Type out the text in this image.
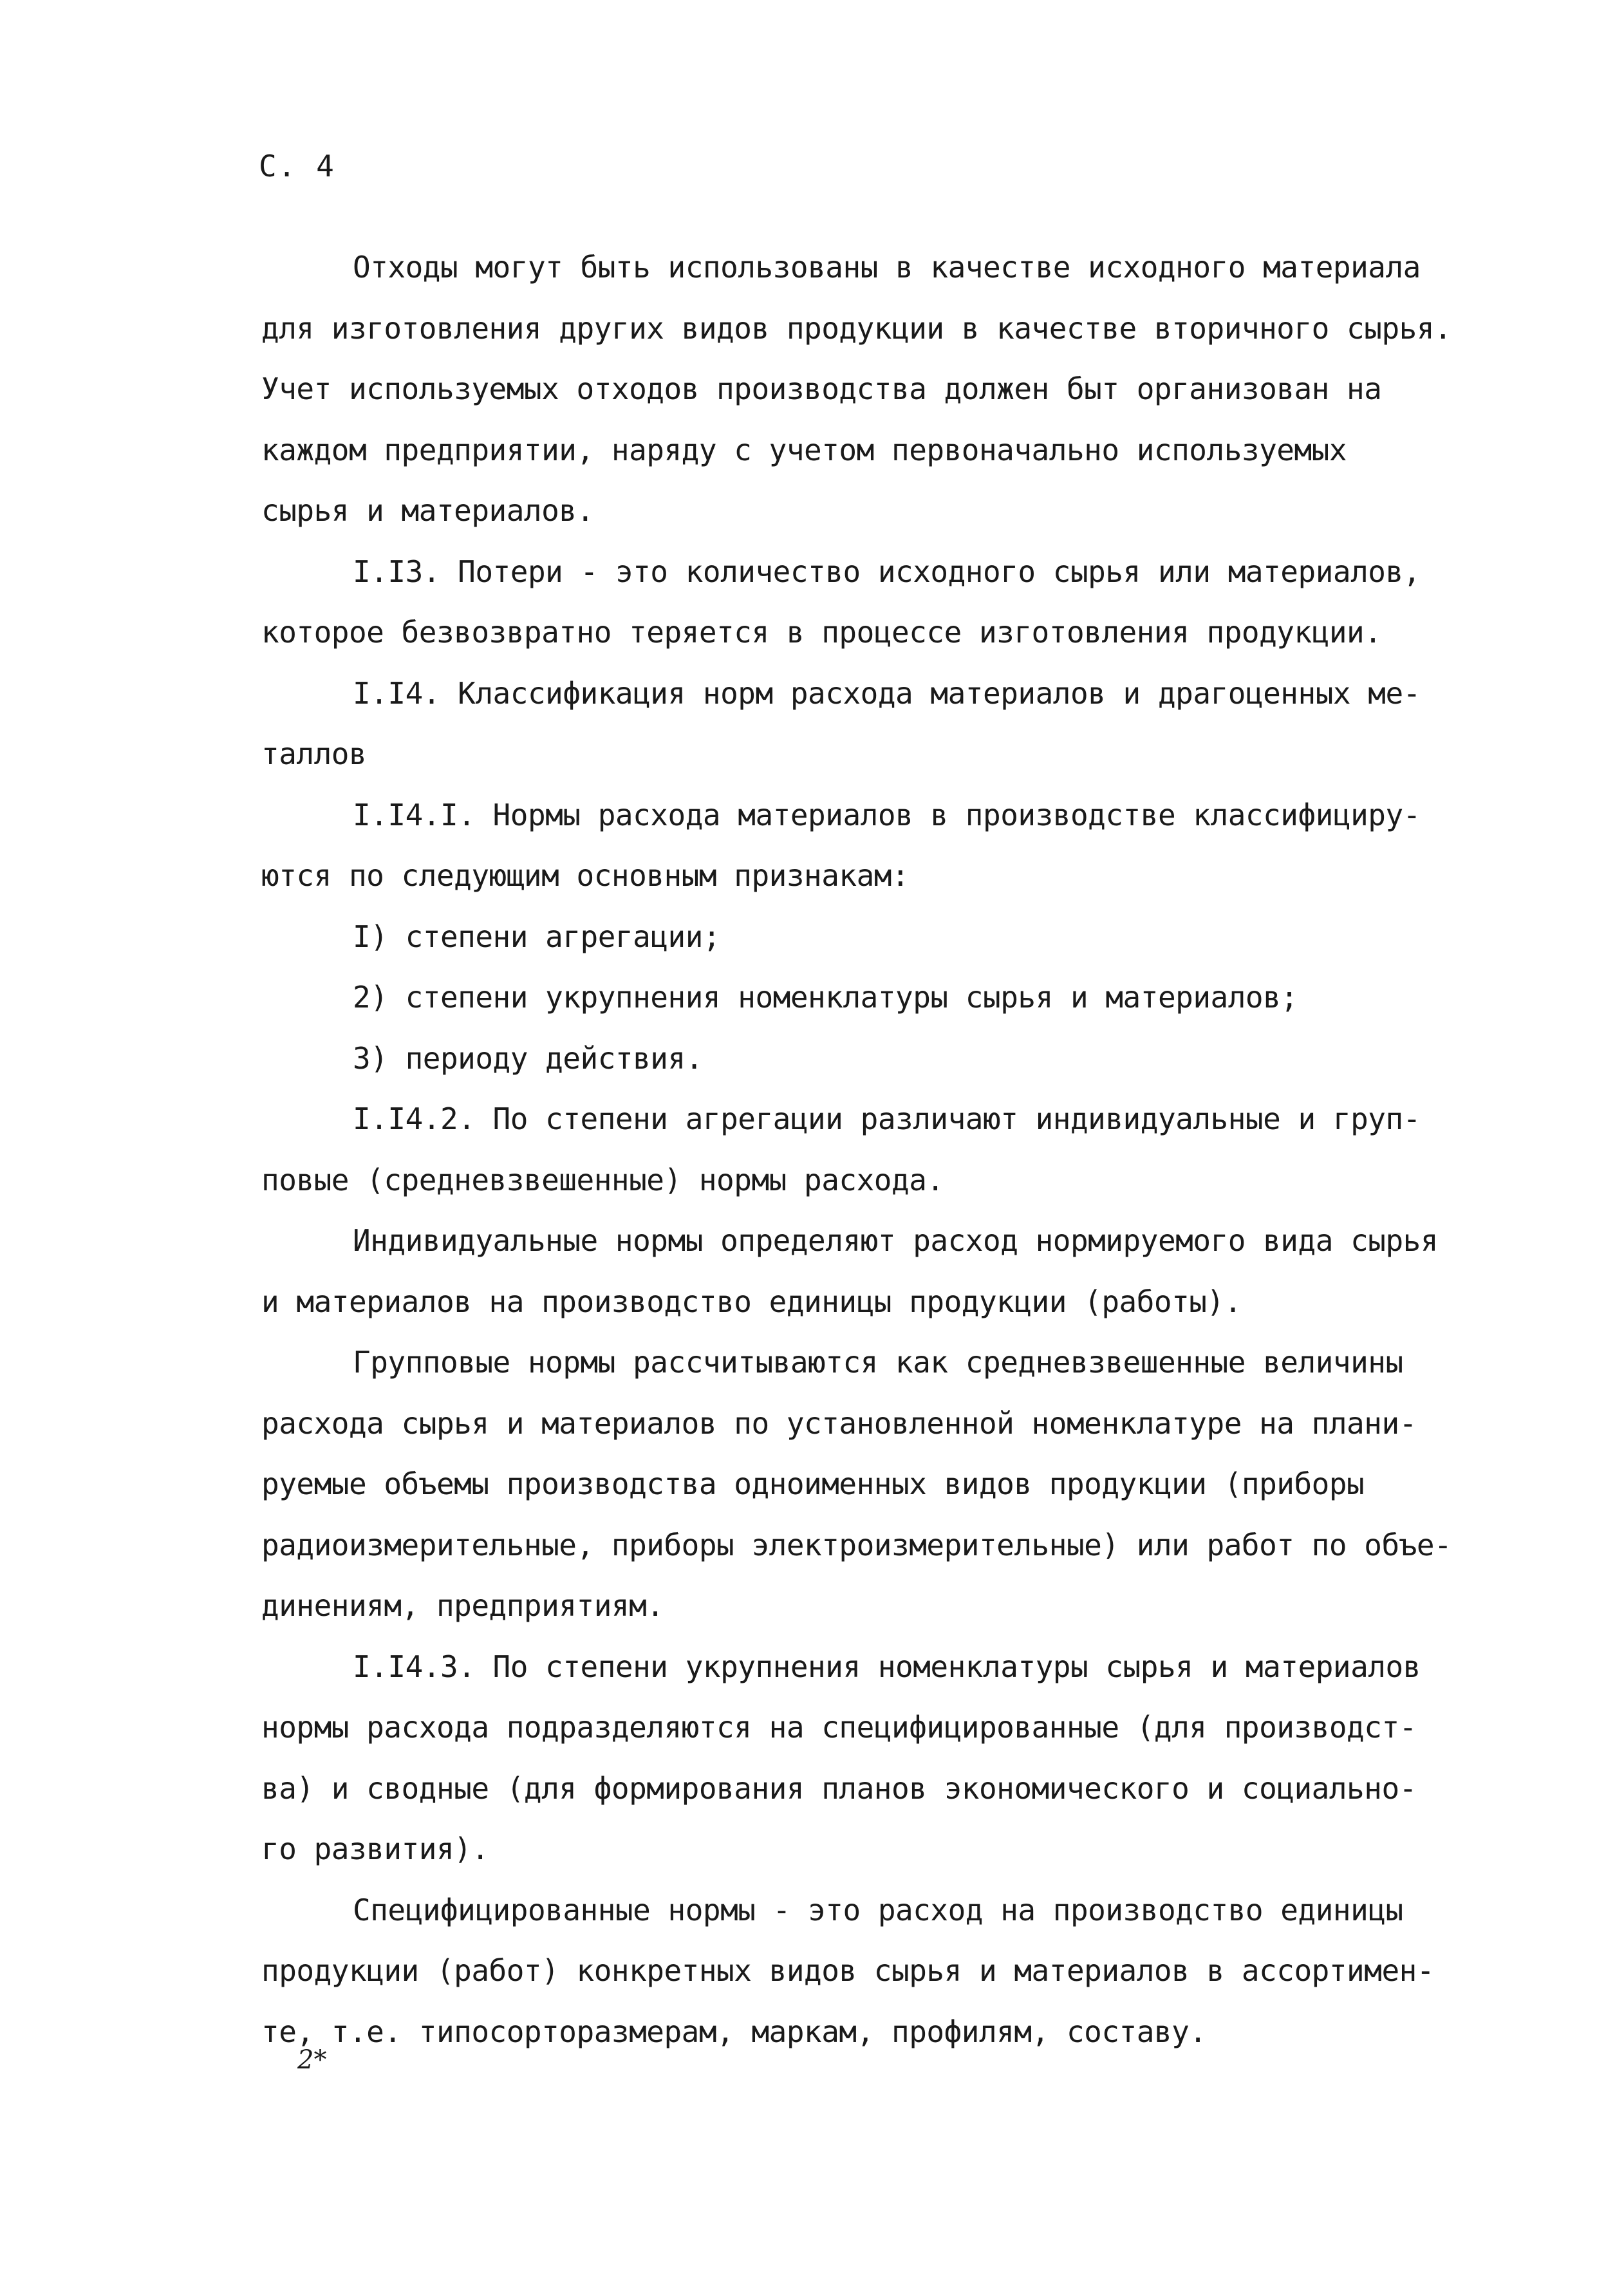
С. 4
Отходы могут быть использованы в качестве исходного материала
для изготовления других видов продукции в качестве вторичного сырья.
Учет используемых отходов производства должен быт организован на
каждом предприятии, наряду с учетом первоначально используемых
сырья и материалов.
I.I3. Потери - это количество исходного сырья или материалов,
которое безвозвратно теряется в процессе изготовления продукции.
I.I4. Классификация норм расхода материалов и драгоценных ме-
таллов
I.I4.I. Нормы расхода материалов в производстве классифициру-
ются по следующим основным признакам:
I) степени агрегации;
2) степени укрупнения номенклатуры сырья и материалов;
3) периоду действия.
I.I4.2. По степени агрегации различают индивидуальные и груп-
повые (средневзвешенные) нормы расхода.
Индивидуальные нормы определяют расход нормируемого вида сырья
и материалов на производство единицы продукции (работы).
Групповые нормы рассчитываются как средневзвешенные величины
расхода сырья и материалов по установленной номенклатуре на плани-
руемые объемы производства одноименных видов продукции (приборы
радиоизмерительные, приборы электроизмерительные) или работ по объе-
динениям, предприятиям.
I.I4.3. По степени укрупнения номенклатуры сырья и материалов
нормы расхода подразделяются на специфицированные (для производст-
ва) и сводные (для формирования планов экономического и социально-
го развития).
Специфицированные нормы - это расход на производство единицы
продукции (работ) конкретных видов сырья и материалов в ассортимен-
те, т.е. типосорторазмерам, маркам, профилям, составу.
2*
